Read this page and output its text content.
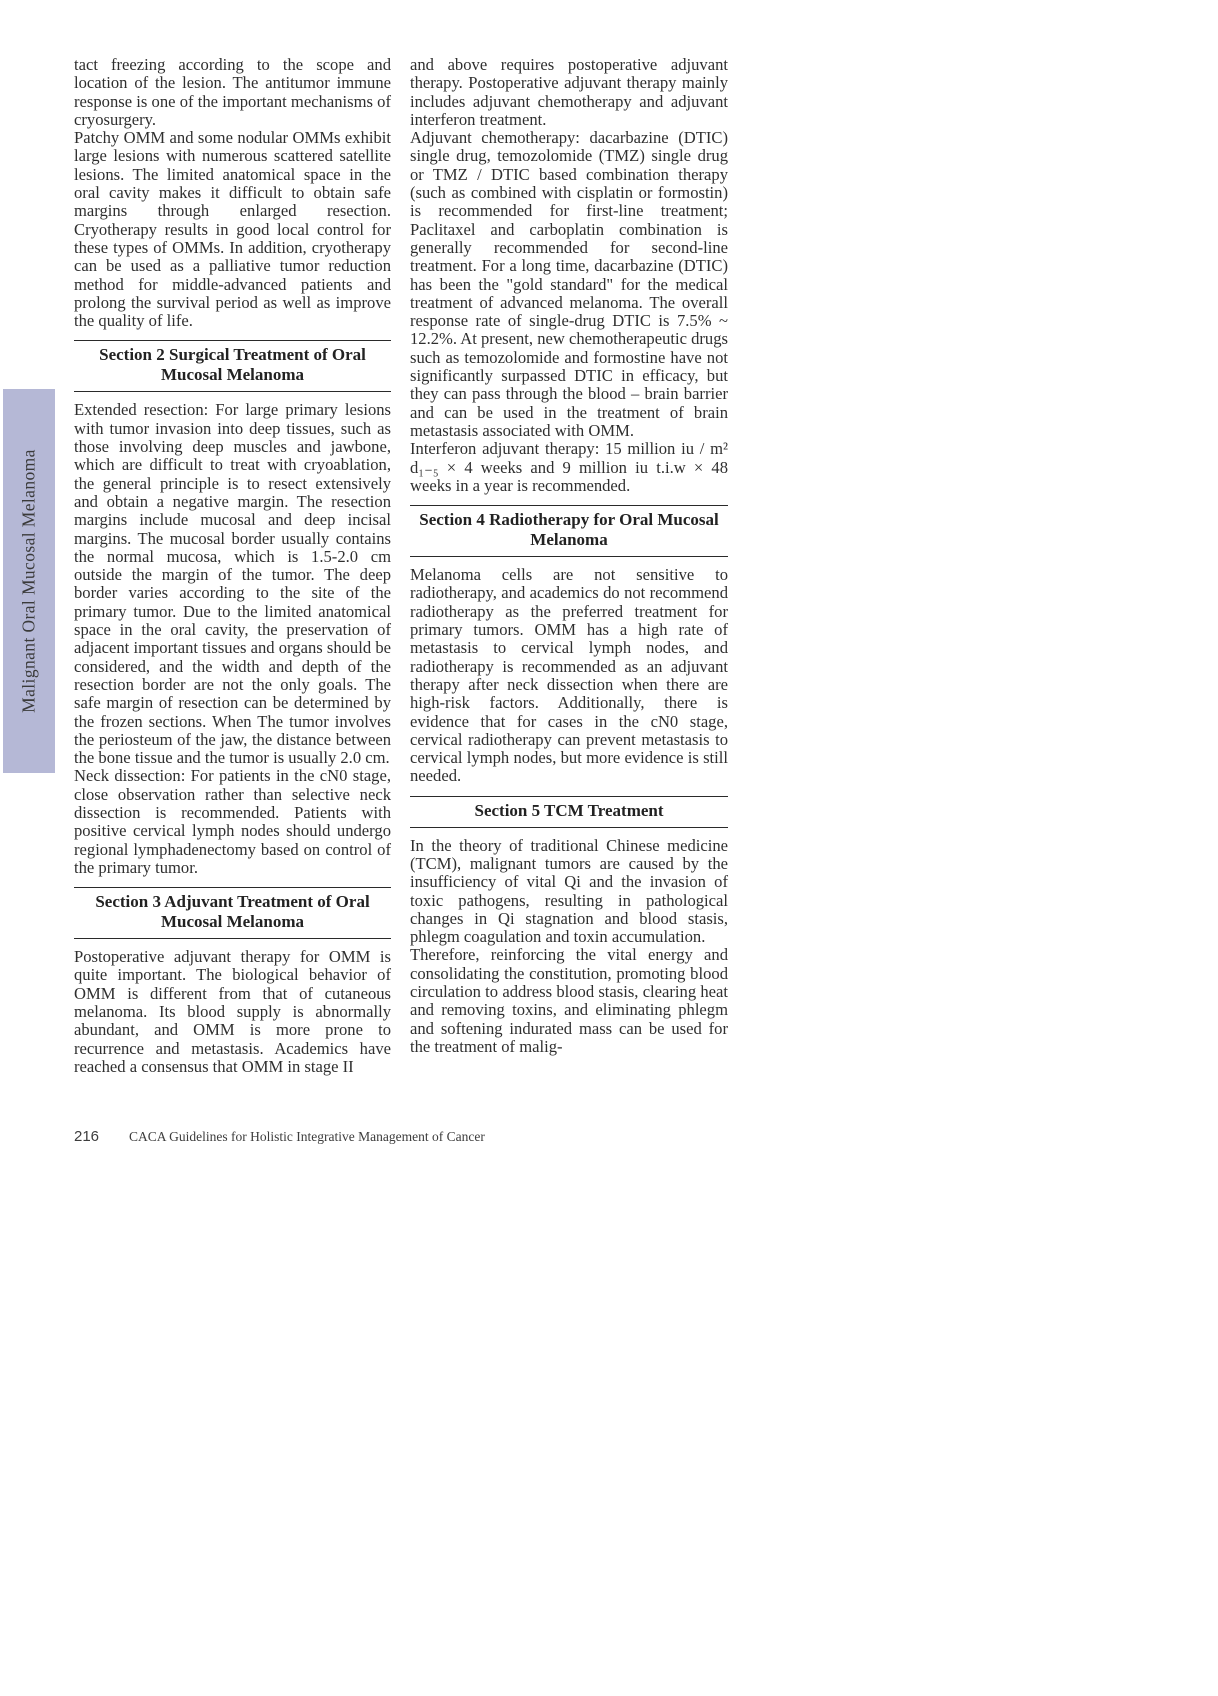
Malignant Oral Mucosal Melanoma

tact freezing according to the scope and location of the lesion. The antitumor immune response is one of the important mechanisms of cryosurgery.

Patchy OMM and some nodular OMMs exhibit large lesions with numerous scattered satellite lesions. The limited anatomical space in the oral cavity makes it difficult to obtain safe margins through enlarged resection. Cryotherapy results in good local control for these types of OMMs. In addition, cryotherapy can be used as a palliative tumor reduction method for middle-advanced patients and prolong the survival period as well as improve the quality of life.

Section 2 Surgical Treatment of Oral Mucosal Melanoma

Extended resection: For large primary lesions with tumor invasion into deep tissues, such as those involving deep muscles and jawbone, which are difficult to treat with cryoablation, the general principle is to resect extensively and obtain a negative margin. The resection margins include mucosal and deep incisal margins. The mucosal border usually contains the normal mucosa, which is 1.5-2.0 cm outside the margin of the tumor. The deep border varies according to the site of the primary tumor. Due to the limited anatomical space in the oral cavity, the preservation of adjacent important tissues and organs should be considered, and the width and depth of the resection border are not the only goals. The safe margin of resection can be determined by the frozen sections. When The tumor involves the periosteum of the jaw, the distance between the bone tissue and the tumor is usually 2.0 cm.

Neck dissection: For patients in the cN0 stage, close observation rather than selective neck dissection is recommended. Patients with positive cervical lymph nodes should undergo regional lymphadenectomy based on control of the primary tumor.

Section 3 Adjuvant Treatment of Oral Mucosal Melanoma

Postoperative adjuvant therapy for OMM is quite important. The biological behavior of OMM is different from that of cutaneous melanoma. Its blood supply is abnormally abundant, and OMM is more prone to recurrence and metastasis. Academics have reached a consensus that OMM in stage II

and above requires postoperative adjuvant therapy. Postoperative adjuvant therapy mainly includes adjuvant chemotherapy and adjuvant interferon treatment.

Adjuvant chemotherapy: dacarbazine (DTIC) single drug, temozolomide (TMZ) single drug or TMZ / DTIC based combination therapy (such as combined with cisplatin or formostin) is recommended for first-line treatment; Paclitaxel and carboplatin combination is generally recommended for second-line treatment. For a long time, dacarbazine (DTIC) has been the "gold standard" for the medical treatment of advanced melanoma. The overall response rate of single-drug DTIC is 7.5% ~ 12.2%. At present, new chemotherapeutic drugs such as temozolomide and formostine have not significantly surpassed DTIC in efficacy, but they can pass through the blood – brain barrier and can be used in the treatment of brain metastasis associated with OMM.

Interferon adjuvant therapy: 15 million iu / m² d₁₋₅ × 4 weeks and 9 million iu t.i.w × 48 weeks in a year is recommended.

Section 4 Radiotherapy for Oral Mucosal Melanoma

Melanoma cells are not sensitive to radiotherapy, and academics do not recommend radiotherapy as the preferred treatment for primary tumors. OMM has a high rate of metastasis to cervical lymph nodes, and radiotherapy is recommended as an adjuvant therapy after neck dissection when there are high-risk factors. Additionally, there is evidence that for cases in the cN0 stage, cervical radiotherapy can prevent metastasis to cervical lymph nodes, but more evidence is still needed.

Section 5 TCM Treatment

In the theory of traditional Chinese medicine (TCM), malignant tumors are caused by the insufficiency of vital Qi and the invasion of toxic pathogens, resulting in pathological changes in Qi stagnation and blood stasis, phlegm coagulation and toxin accumulation.

Therefore, reinforcing the vital energy and consolidating the constitution, promoting blood circulation to address blood stasis, clearing heat and removing toxins, and eliminating phlegm and softening indurated mass can be used for the treatment of malig-

216 CACA Guidelines for Holistic Integrative Management of Cancer
